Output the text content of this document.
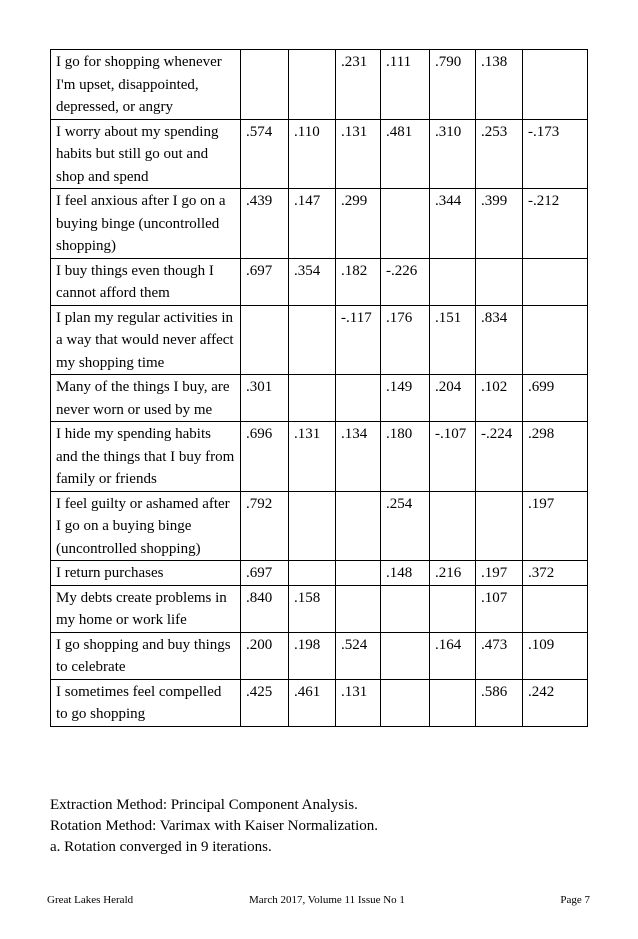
I go for shopping whenever I'm upset, disappointed, depressed, or angry			.231	.111	.790	.138	
I worry about my spending habits but still go out and shop and spend	.574	.110	.131	.481	.310	.253	-.173
I feel anxious after I go on a buying binge (uncontrolled shopping)	.439	.147	.299		.344	.399	-.212
I buy things even though I cannot afford them	.697	.354	.182	-.226			
I plan my regular activities in a way that would never affect my shopping time			-.117	.176	.151	.834	
Many of the things I buy, are never worn or used by me	.301			.149	.204	.102	.699
I hide my spending habits and the things that I buy from family or friends	.696	.131	.134	.180	-.107	-.224	.298
I feel guilty or ashamed after I go on a buying binge (uncontrolled shopping)	.792			.254			.197
I return purchases	.697			.148	.216	.197	.372
My debts create problems in my home or work life	.840	.158				.107	
I go shopping and buy things to celebrate	.200	.198	.524		.164	.473	.109
I sometimes feel compelled to go shopping	.425	.461	.131			.586	.242
Extraction Method: Principal Component Analysis.
Rotation Method: Varimax with Kaiser Normalization.
a. Rotation converged in 9 iterations.
Great Lakes Herald	March 2017, Volume 11 Issue No 1	Page 7
